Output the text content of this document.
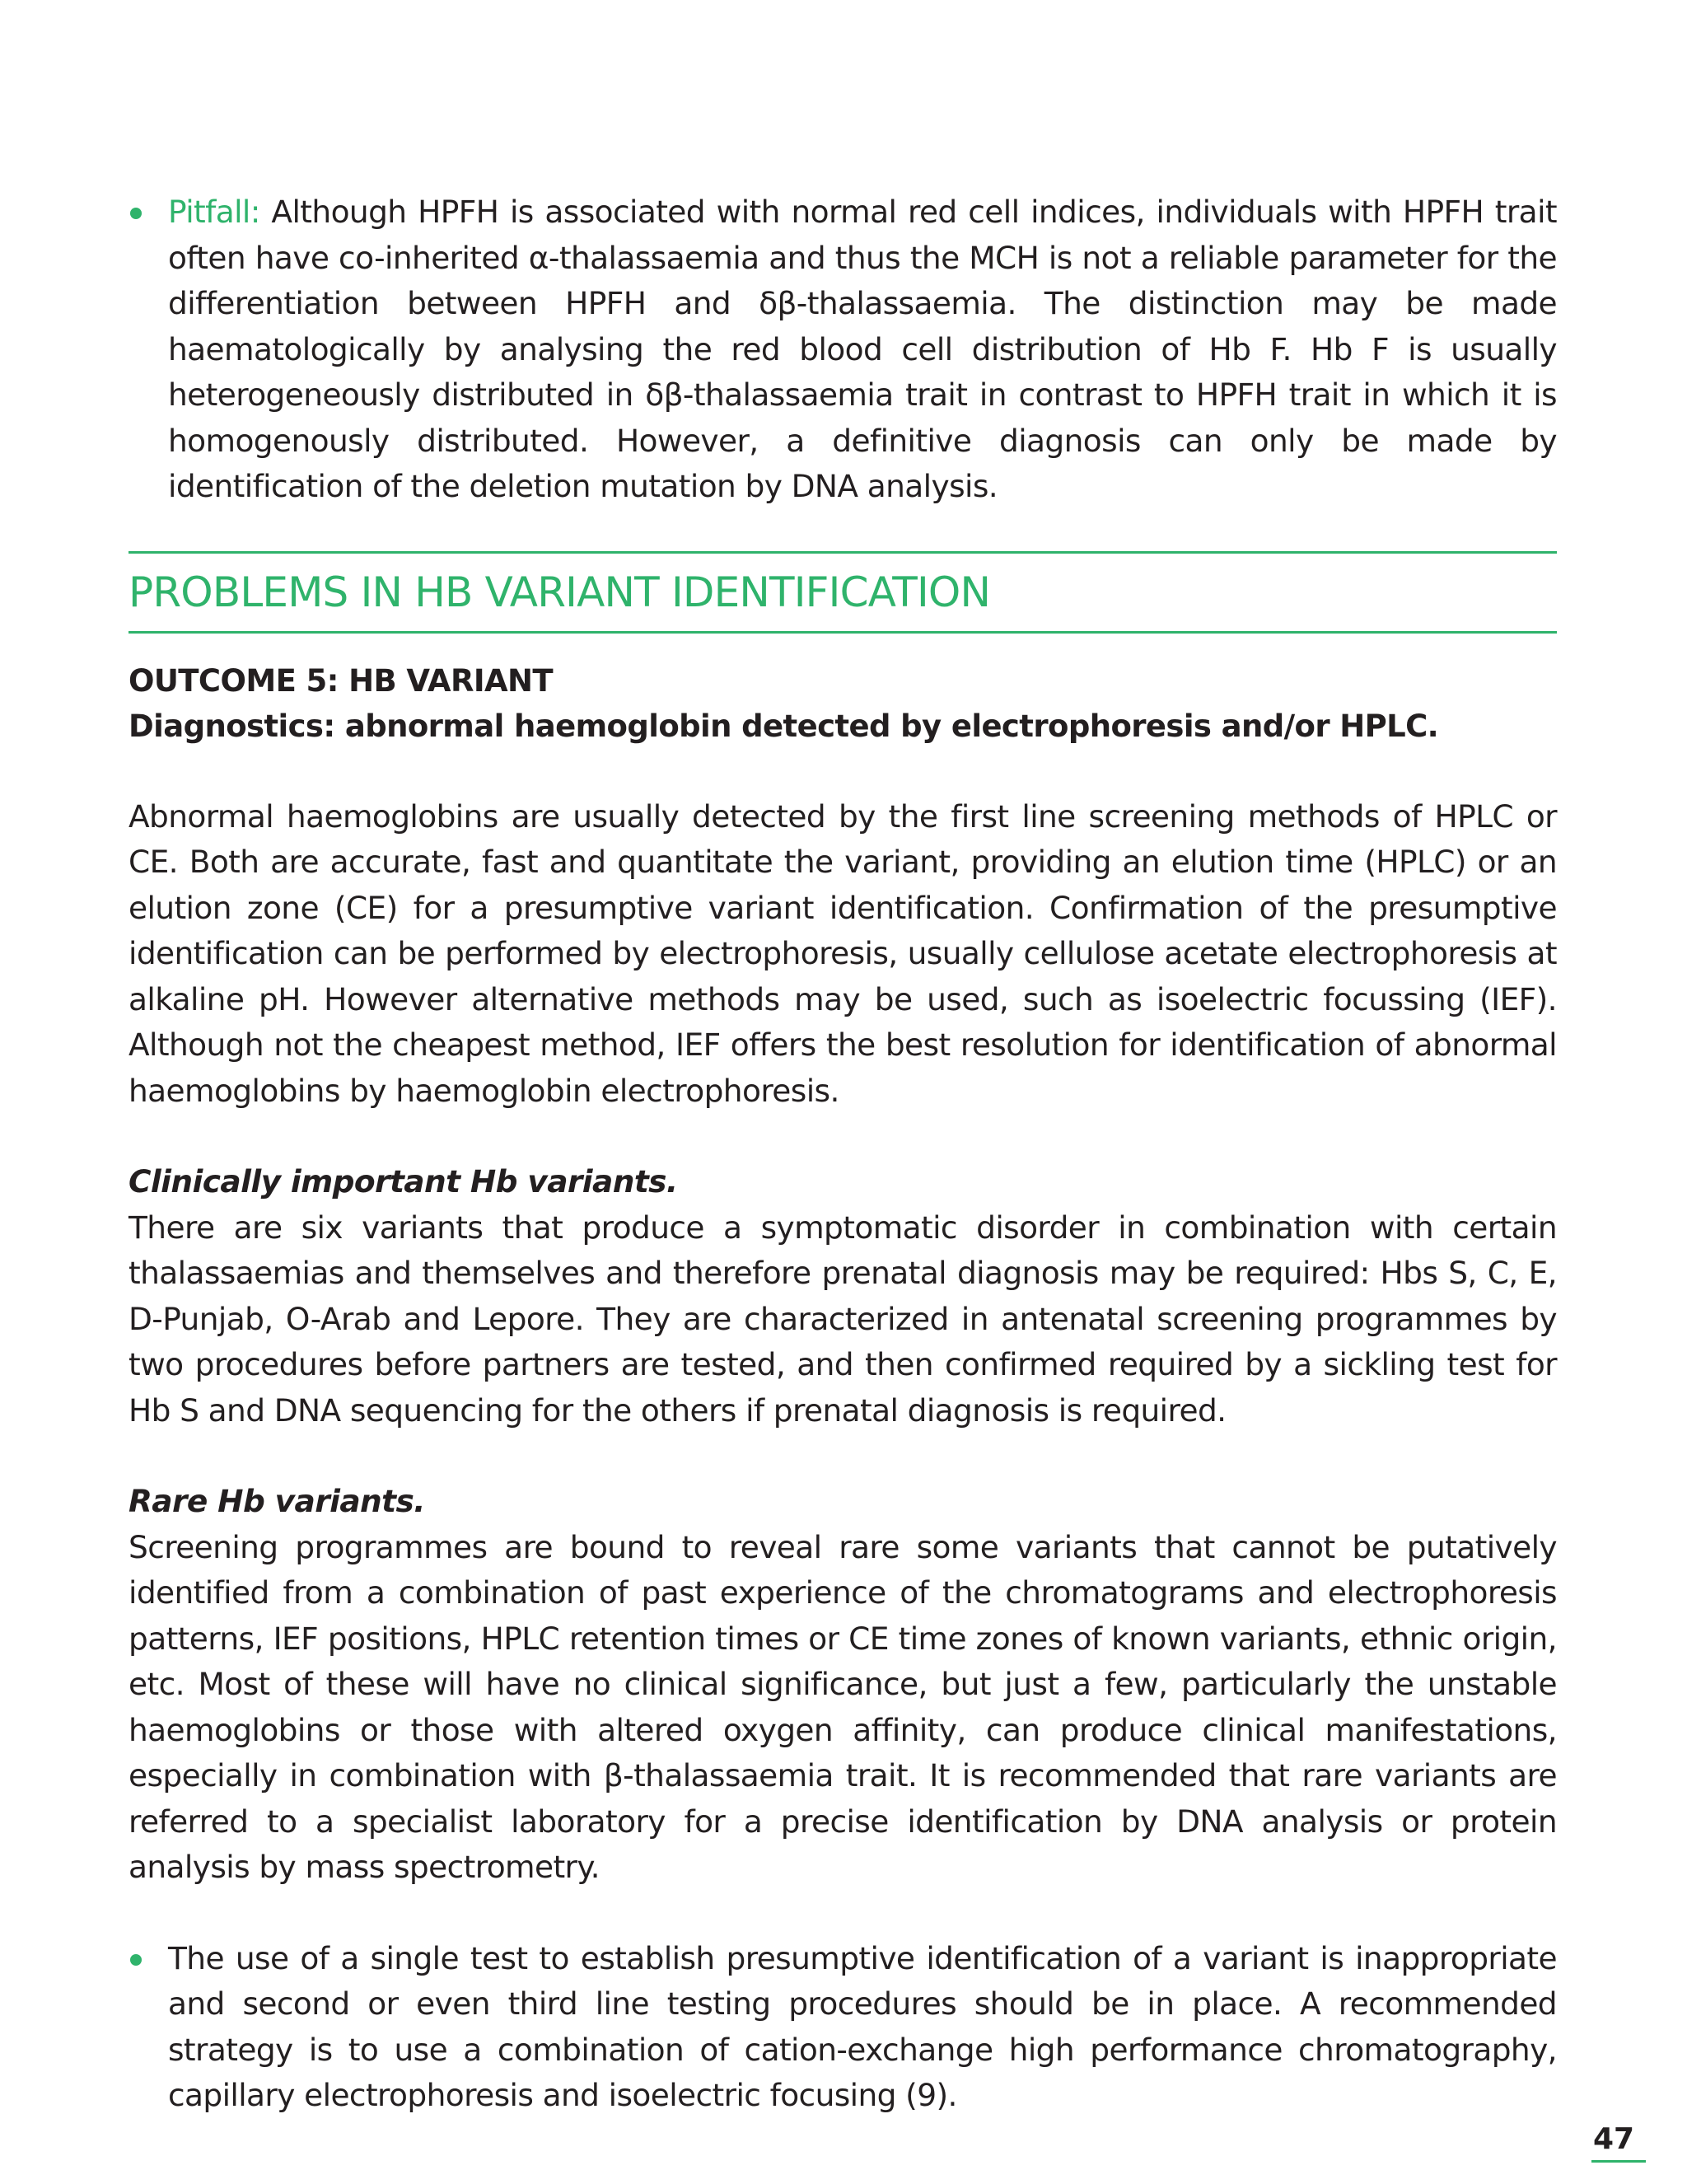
Pitfall: Although HPFH is associated with normal red cell indices, individuals with HPFH trait often have co-inherited α-thalassaemia and thus the MCH is not a reliable parameter for the differentiation between HPFH and δβ-thalassaemia. The distinction may be made haematologically by analysing the red blood cell distribution of Hb F. Hb F is usually heterogeneously distributed in δβ-thalassaemia trait in contrast to HPFH trait in which it is homogenously distributed. However, a definitive diagnosis can only be made by identification of the deletion mutation by DNA analysis.
PROBLEMS IN HB VARIANT IDENTIFICATION

OUTCOME 5: HB VARIANT

Diagnostics: abnormal haemoglobin detected by electrophoresis and/or HPLC.

Abnormal haemoglobins are usually detected by the first line screening methods of HPLC or CE. Both are accurate, fast and quantitate the variant, providing an elution time (HPLC) or an elution zone (CE) for a presumptive variant identification. Confirmation of the presumptive identification can be performed by electrophoresis, usually cellulose acetate electrophoresis at alkaline pH. However alternative methods may be used, such as isoelectric focussing (IEF). Although not the cheapest method, IEF offers the best resolution for identification of abnormal haemoglobins by haemoglobin electrophoresis.

Clinically important Hb variants.

There are six variants that produce a symptomatic disorder in combination with certain thalassaemias and themselves and therefore prenatal diagnosis may be required: Hbs S, C, E, D-Punjab, O-Arab and Lepore. They are characterized in antenatal screening programmes by two procedures before partners are tested, and then confirmed required by a sickling test for Hb S and DNA sequencing for the others if prenatal diagnosis is required.

Rare Hb variants.

Screening programmes are bound to reveal rare some variants that cannot be putatively identified from a combination of past experience of the chromatograms and electrophoresis patterns, IEF positions, HPLC retention times or CE time zones of known variants, ethnic origin, etc. Most of these will have no clinical significance, but just a few, particularly the unstable haemoglobins or those with altered oxygen affinity, can produce clinical manifestations, especially in combination with β-thalassaemia trait. It is recommended that rare variants are referred to a specialist laboratory for a precise identification by DNA analysis or protein analysis by mass spectrometry.

The use of a single test to establish presumptive identification of a variant is inappropriate and second or even third line testing procedures should be in place. A recommended strategy is to use a combination of cation-exchange high performance chromatography, capillary electrophoresis and isoelectric focusing (9).
47
